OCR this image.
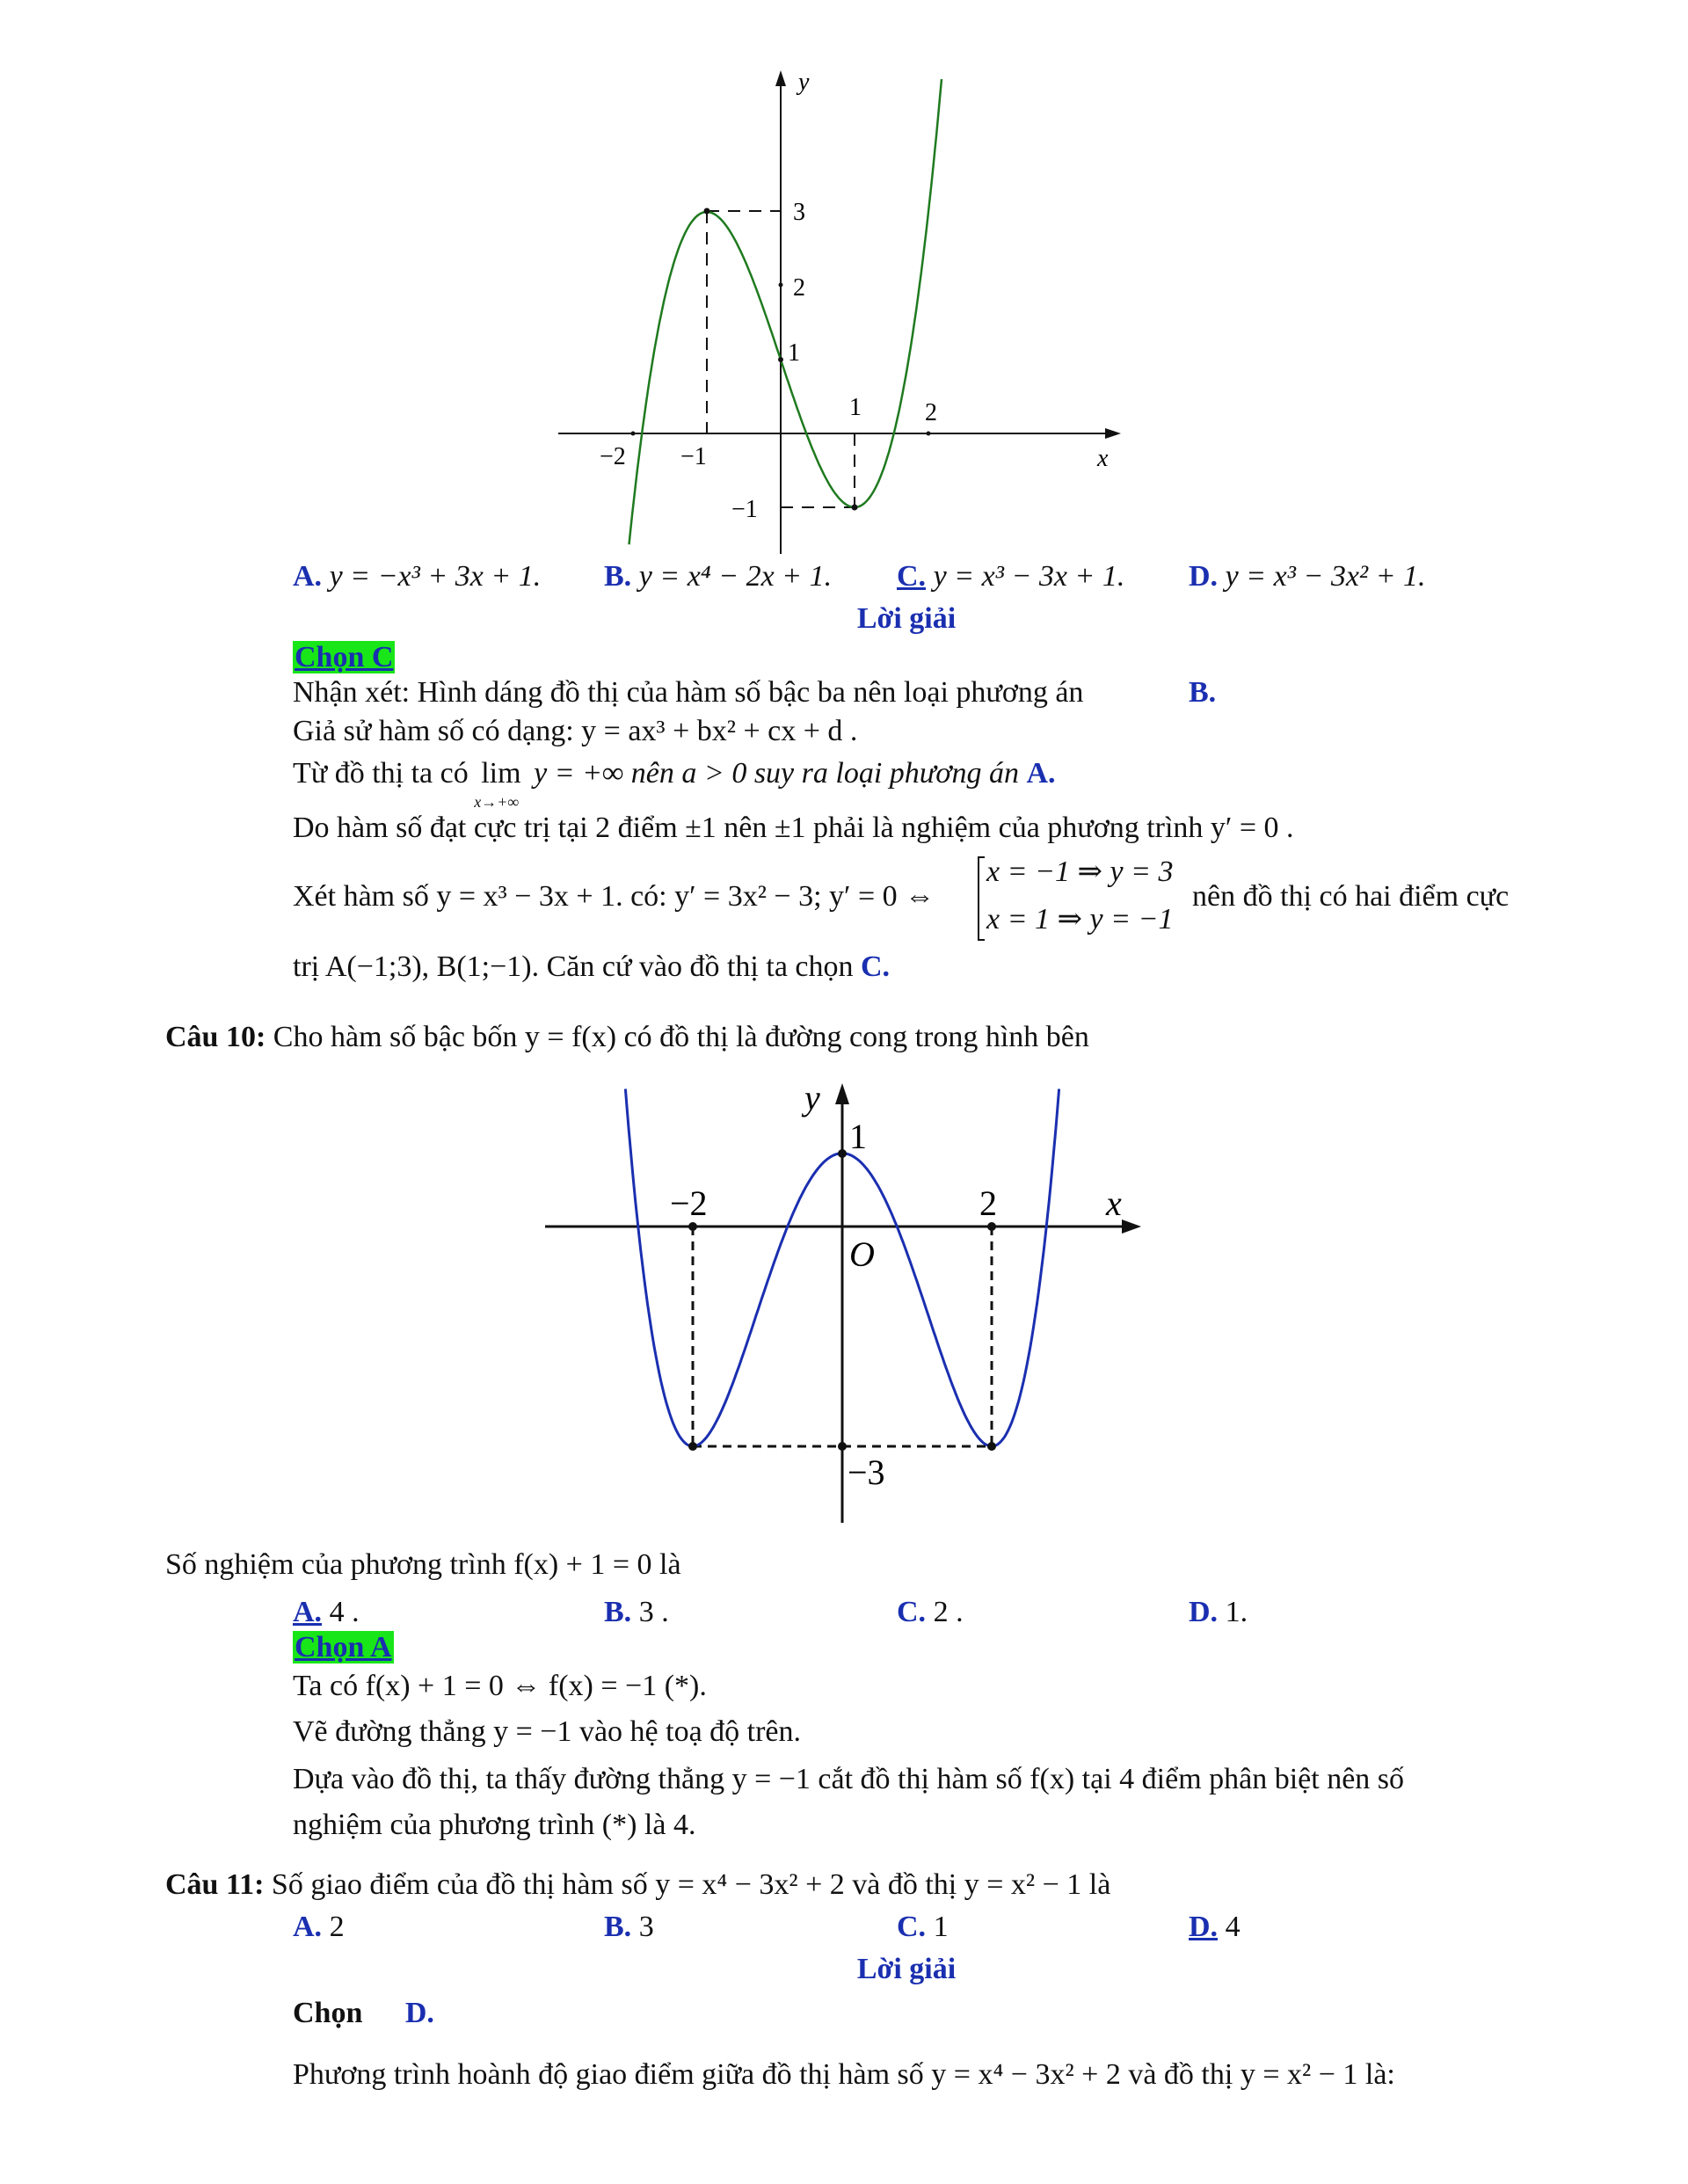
y
x
−2 −1
1	2
3
2
1
−1
A. y = −x³ + 3x + 1. B. y = x⁴ − 2x + 1. C. y = x³ − 3x + 1. D. y = x³ − 3x² + 1.
Lời giải
Chọn C
Nhận xét: Hình dáng đồ thị của hàm số bậc ba nên loại phương án	B.
Giả sử hàm số có dạng: y = ax³ + bx² + cx + d .
Từ đồ thị ta có lim
x→+∞
y = +∞ nên a > 0 suy ra loại phương án A.
Do hàm số đạt cực trị tại 2 điểm ±1 nên ±1 phải là nghiệm của phương trình y′ = 0 .
Xét hàm số y = x³ − 3x + 1. có: y′ = 3x² − 3; y′ = 0 ⇔
x = −1 ⇒ y = 3
x = 1 ⇒ y = −1
nên đồ thị có hai điểm cực
trị A(−1;3), B(1;−1). Căn cứ vào đồ thị ta chọn C.
Câu 10: Cho hàm số bậc bốn y = f(x) có đồ thị là đường cong trong hình bên
y
x
1
−3
−2	2
O
Số nghiệm của phương trình f(x) + 1 = 0 là
A. 4 .	B. 3 .	C. 2 .	D. 1.
Chọn A
Ta có f(x) + 1 = 0 ⇔ f(x) = −1 (*).
Vẽ đường thẳng y = −1 vào hệ toạ độ trên.
Dựa vào đồ thị, ta thấy đường thẳng y = −1 cắt đồ thị hàm số f(x) tại 4 điểm phân biệt nên số
nghiệm của phương trình (*) là 4.
Câu 11: Số giao điểm của đồ thị hàm số y = x⁴ − 3x² + 2 và đồ thị y = x² − 1 là
A. 2	B. 3	C. 1	D. 4
Lời giải
Chọn D.
Phương trình hoành độ giao điểm giữa đồ thị hàm số y = x⁴ − 3x² + 2 và đồ thị y = x² − 1 là:
